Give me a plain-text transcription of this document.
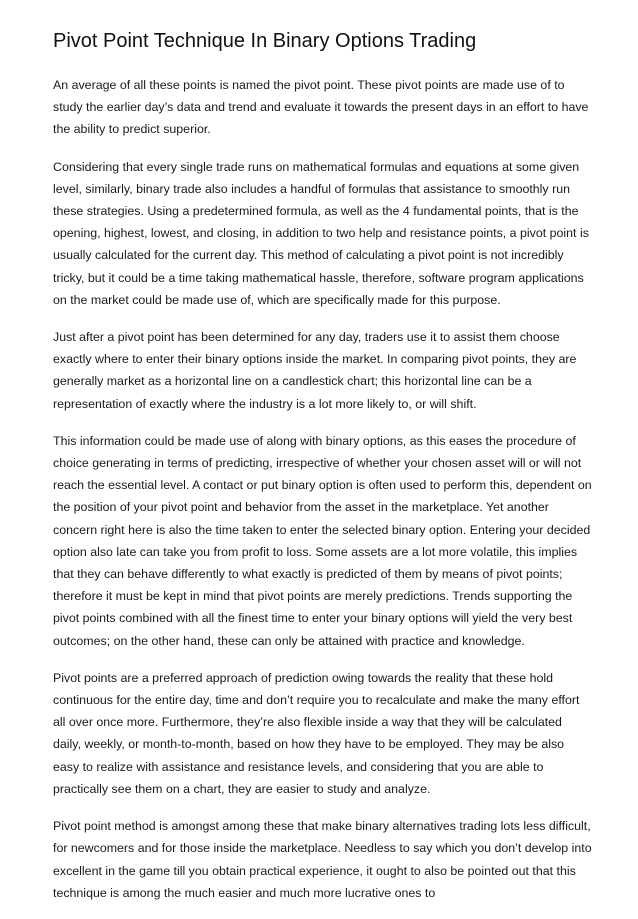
Pivot Point Technique In Binary Options Trading

An average of all these points is named the pivot point. These pivot points are made use of to study the earlier day’s data and trend and evaluate it towards the present days in an effort to have the ability to predict superior.

Considering that every single trade runs on mathematical formulas and equations at some given level, similarly, binary trade also includes a handful of formulas that assistance to smoothly run these strategies. Using a predetermined formula, as well as the 4 fundamental points, that is the opening, highest, lowest, and closing, in addition to two help and resistance points, a pivot point is usually calculated for the current day. This method of calculating a pivot point is not incredibly tricky, but it could be a time taking mathematical hassle, therefore, software program applications on the market could be made use of, which are specifically made for this purpose.

Just after a pivot point has been determined for any day, traders use it to assist them choose exactly where to enter their binary options inside the market. In comparing pivot points, they are generally market as a horizontal line on a candlestick chart; this horizontal line can be a representation of exactly where the industry is a lot more likely to, or will shift.

This information could be made use of along with binary options, as this eases the procedure of choice generating in terms of predicting, irrespective of whether your chosen asset will or will not reach the essential level. A contact or put binary option is often used to perform this, dependent on the position of your pivot point and behavior from the asset in the marketplace. Yet another concern right here is also the time taken to enter the selected binary option. Entering your decided option also late can take you from profit to loss. Some assets are a lot more volatile, this implies that they can behave differently to what exactly is predicted of them by means of pivot points; therefore it must be kept in mind that pivot points are merely predictions. Trends supporting the pivot points combined with all the finest time to enter your binary options will yield the very best outcomes; on the other hand, these can only be attained with practice and knowledge.

Pivot points are a preferred approach of prediction owing towards the reality that these hold continuous for the entire day, time and don’t require you to recalculate and make the many effort all over once more. Furthermore, they’re also flexible inside a way that they will be calculated daily, weekly, or month-to-month, based on how they have to be employed. They may be also easy to realize with assistance and resistance levels, and considering that you are able to practically see them on a chart, they are easier to study and analyze.

Pivot point method is amongst among these that make binary alternatives trading lots less difficult, for newcomers and for those inside the marketplace. Needless to say which you don’t develop into excellent in the game till you obtain practical experience, it ought to also be pointed out that this technique is among the much easier and much more lucrative ones to
